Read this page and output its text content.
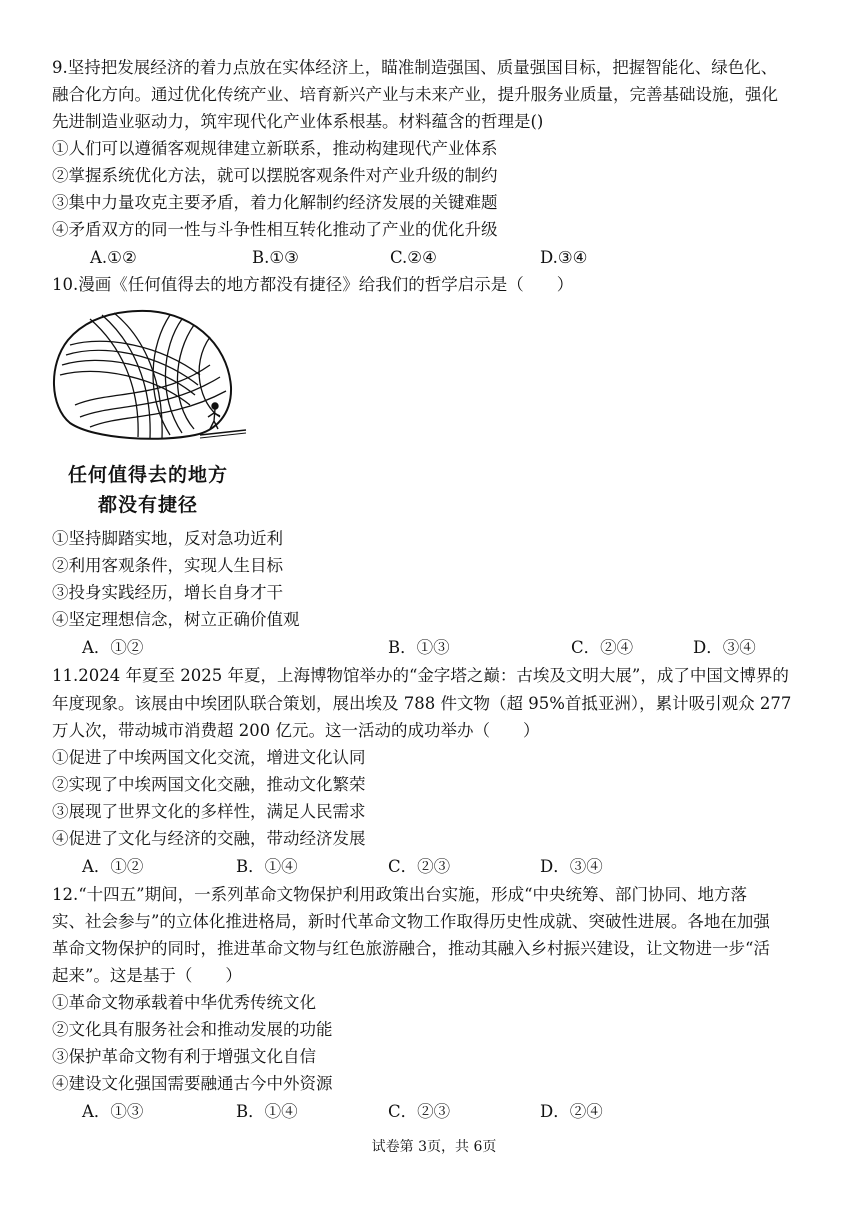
9.坚持把发展经济的着力点放在实体经济上，瞄准制造强国、质量强国目标，把握智能化、绿色化、
融合化方向。通过优化传统产业、培育新兴产业与未来产业，提升服务业质量，完善基础设施，强化
先进制造业驱动力，筑牢现代化产业体系根基。材料蕴含的哲理是()
①人们可以遵循客观规律建立新联系，推动构建现代产业体系
②掌握系统优化方法，就可以摆脱客观条件对产业升级的制约
③集中力量攻克主要矛盾，着力化解制约经济发展的关键难题
④矛盾双方的同一性与斗争性相互转化推动了产业的优化升级
A.①②	B.①③	C.②④	D.③④
10.漫画《任何值得去的地方都没有捷径》给我们的哲学启示是（　　）
任何值得去的地方
都没有捷径
①坚持脚踏实地，反对急功近利
②利用客观条件，实现人生目标
③投身实践经历，增长自身才干
④坚定理想信念，树立正确价值观
A．①②	B．①③	C．②④	D．③④
11.2024 年夏至 2025 年夏，上海博物馆举办的“金字塔之巅：古埃及文明大展”，成了中国文博界的
年度现象。该展由中埃团队联合策划，展出埃及 788 件文物（超 95%首抵亚洲），累计吸引观众 277
万人次，带动城市消费超 200 亿元。这一活动的成功举办（　　）
①促进了中埃两国文化交流，增进文化认同
②实现了中埃两国文化交融，推动文化繁荣
③展现了世界文化的多样性，满足人民需求
④促进了文化与经济的交融，带动经济发展
A．①②	B．①④	C．②③	D．③④
12.“十四五”期间，一系列革命文物保护利用政策出台实施，形成“中央统筹、部门协同、地方落
实、社会参与”的立体化推进格局，新时代革命文物工作取得历史性成就、突破性进展。各地在加强
革命文物保护的同时，推进革命文物与红色旅游融合，推动其融入乡村振兴建设，让文物进一步“活
起来”。这是基于（　　）
①革命文物承载着中华优秀传统文化
②文化具有服务社会和推动发展的功能
③保护革命文物有利于增强文化自信
④建设文化强国需要融通古今中外资源
A．①③	B．①④	C．②③	D．②④
试卷第 3页，共 6页
